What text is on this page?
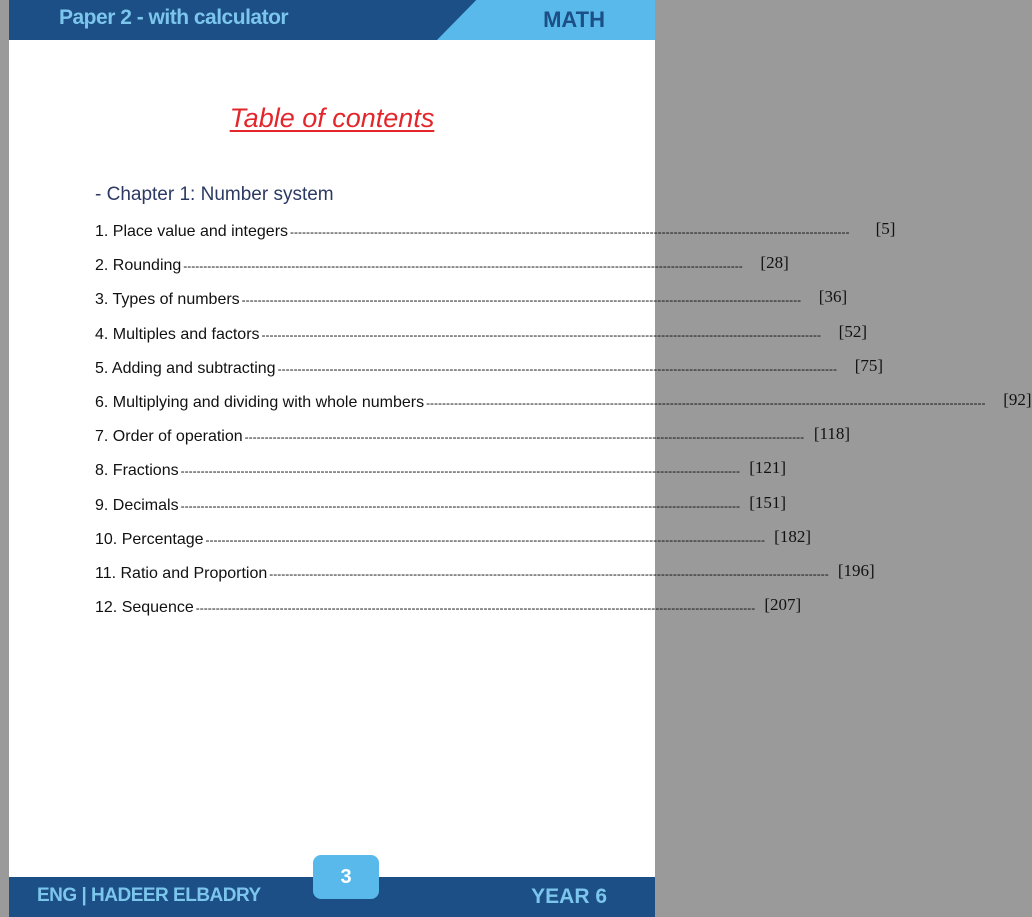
Paper 2 - with calculator	MATH
Table of contents
- Chapter 1: Number system
1. Place value and integers --------------------------------------------------------------------------------------------------------------------------------------------	[5]
2. Rounding --------------------------------------------------------------------------------------------------------------------------------------------	[28]
3. Types of numbers --------------------------------------------------------------------------------------------------------------------------------------------	[36]
4. Multiples and factors --------------------------------------------------------------------------------------------------------------------------------------------	[52]
5. Adding and subtracting --------------------------------------------------------------------------------------------------------------------------------------------	[75]
6. Multiplying and dividing with whole numbers --------------------------------------------------------------------------------------------------------------------------------------------	[92]
7. Order of operation -------------------------------------------------------------------------------------------------------------------------------------------- [118]
8. Fractions -------------------------------------------------------------------------------------------------------------------------------------------- [121]
9. Decimals -------------------------------------------------------------------------------------------------------------------------------------------- [151]
10. Percentage -------------------------------------------------------------------------------------------------------------------------------------------- [182]
11. Ratio and Proportion -------------------------------------------------------------------------------------------------------------------------------------------- [196]
12. Sequence -------------------------------------------------------------------------------------------------------------------------------------------- [207]
ENG | HADEER ELBADRY	YEAR 6
3
